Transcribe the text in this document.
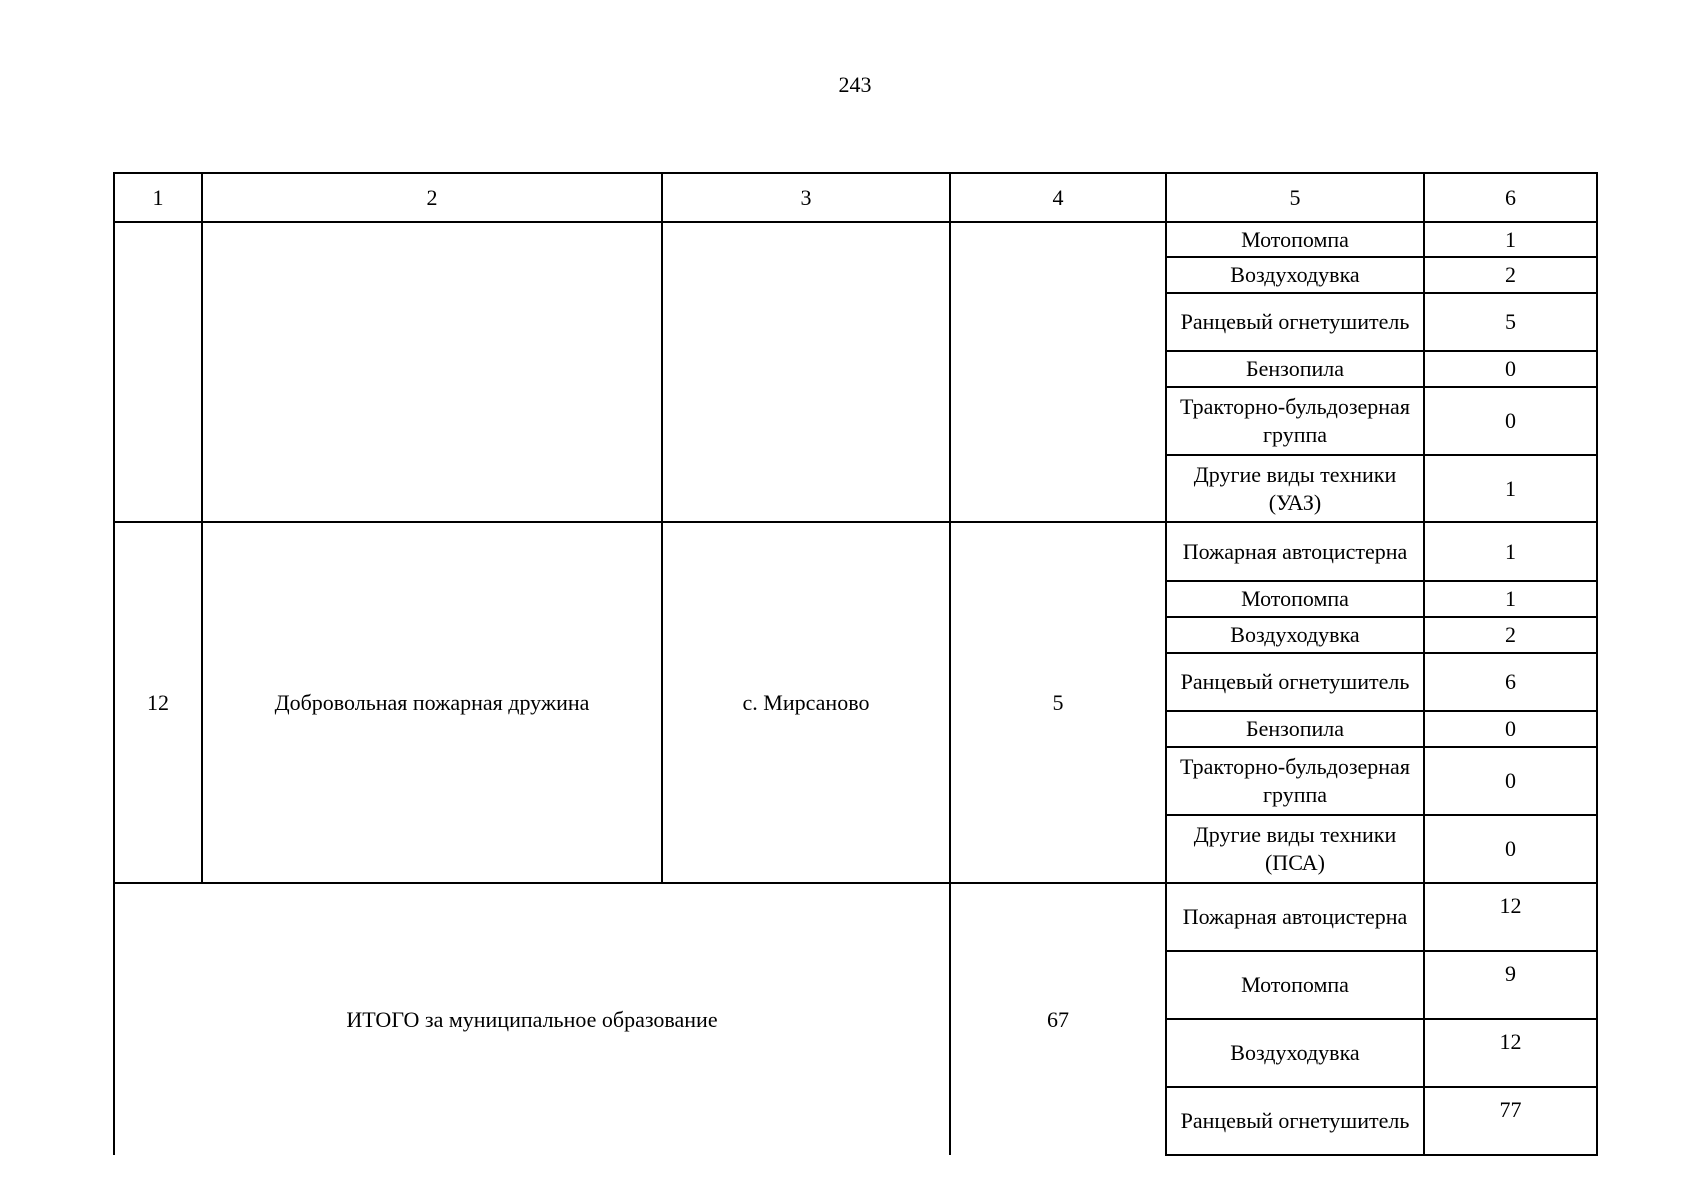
243
1	2	3	4	5	6
				Мотопомпа	1
				Воздуходувка	2
				Ранцевый огнетушитель	5
				Бензопила	0
				Тракторно-бульдозерная группа	0
				Другие виды техники (УАЗ)	1
12	Добровольная пожарная дружина	с. Мирсаново	5	Пожарная автоцистерна	1
				Мотопомпа	1
				Воздуходувка	2
				Ранцевый огнетушитель	6
				Бензопила	0
				Тракторно-бульдозерная группа	0
				Другие виды техники (ПСА)	0
ИТОГО за муниципальное образование			67	Пожарная автоцистерна	12
				Мотопомпа	9
				Воздуходувка	12
				Ранцевый огнетушитель	77
